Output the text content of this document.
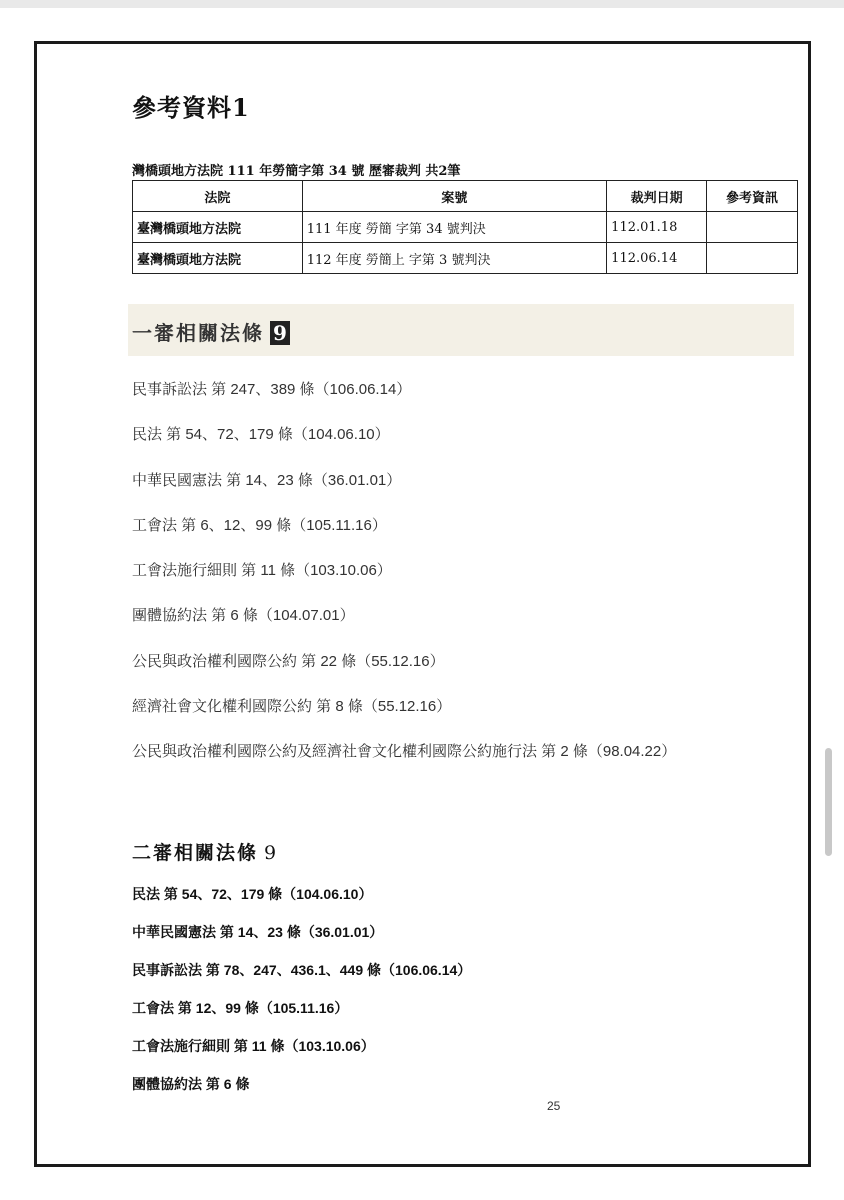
參考資料1
灣橋頭地方法院 111 年勞簡字第 34 號 歷審裁判 共2筆
法院	案號	裁判日期	參考資訊
臺灣橋頭地方法院	111 年度 勞簡 字第 34 號判決	112.01.18	
臺灣橋頭地方法院	112 年度 勞簡上 字第 3 號判決	112.06.14	
一審相關法條 9
民事訴訟法 第 247、389 條（106.06.14）
民法 第 54、72、179 條（104.06.10）
中華民國憲法 第 14、23 條（36.01.01）
工會法 第 6、12、99 條（105.11.16）
工會法施行細則 第 11 條（103.10.06）
團體協約法 第 6 條（104.07.01）
公民與政治權利國際公約 第 22 條（55.12.16）
經濟社會文化權利國際公約 第 8 條（55.12.16）
公民與政治權利國際公約及經濟社會文化權利國際公約施行法 第 2 條（98.04.22）
二審相關法條 9
民法 第 54、72、179 條（104.06.10）
中華民國憲法 第 14、23 條（36.01.01）
民事訴訟法 第 78、247、436.1、449 條（106.06.14）
工會法 第 12、99 條（105.11.16）
工會法施行細則 第 11 條（103.10.06）
團體協約法 第 6 條
25
